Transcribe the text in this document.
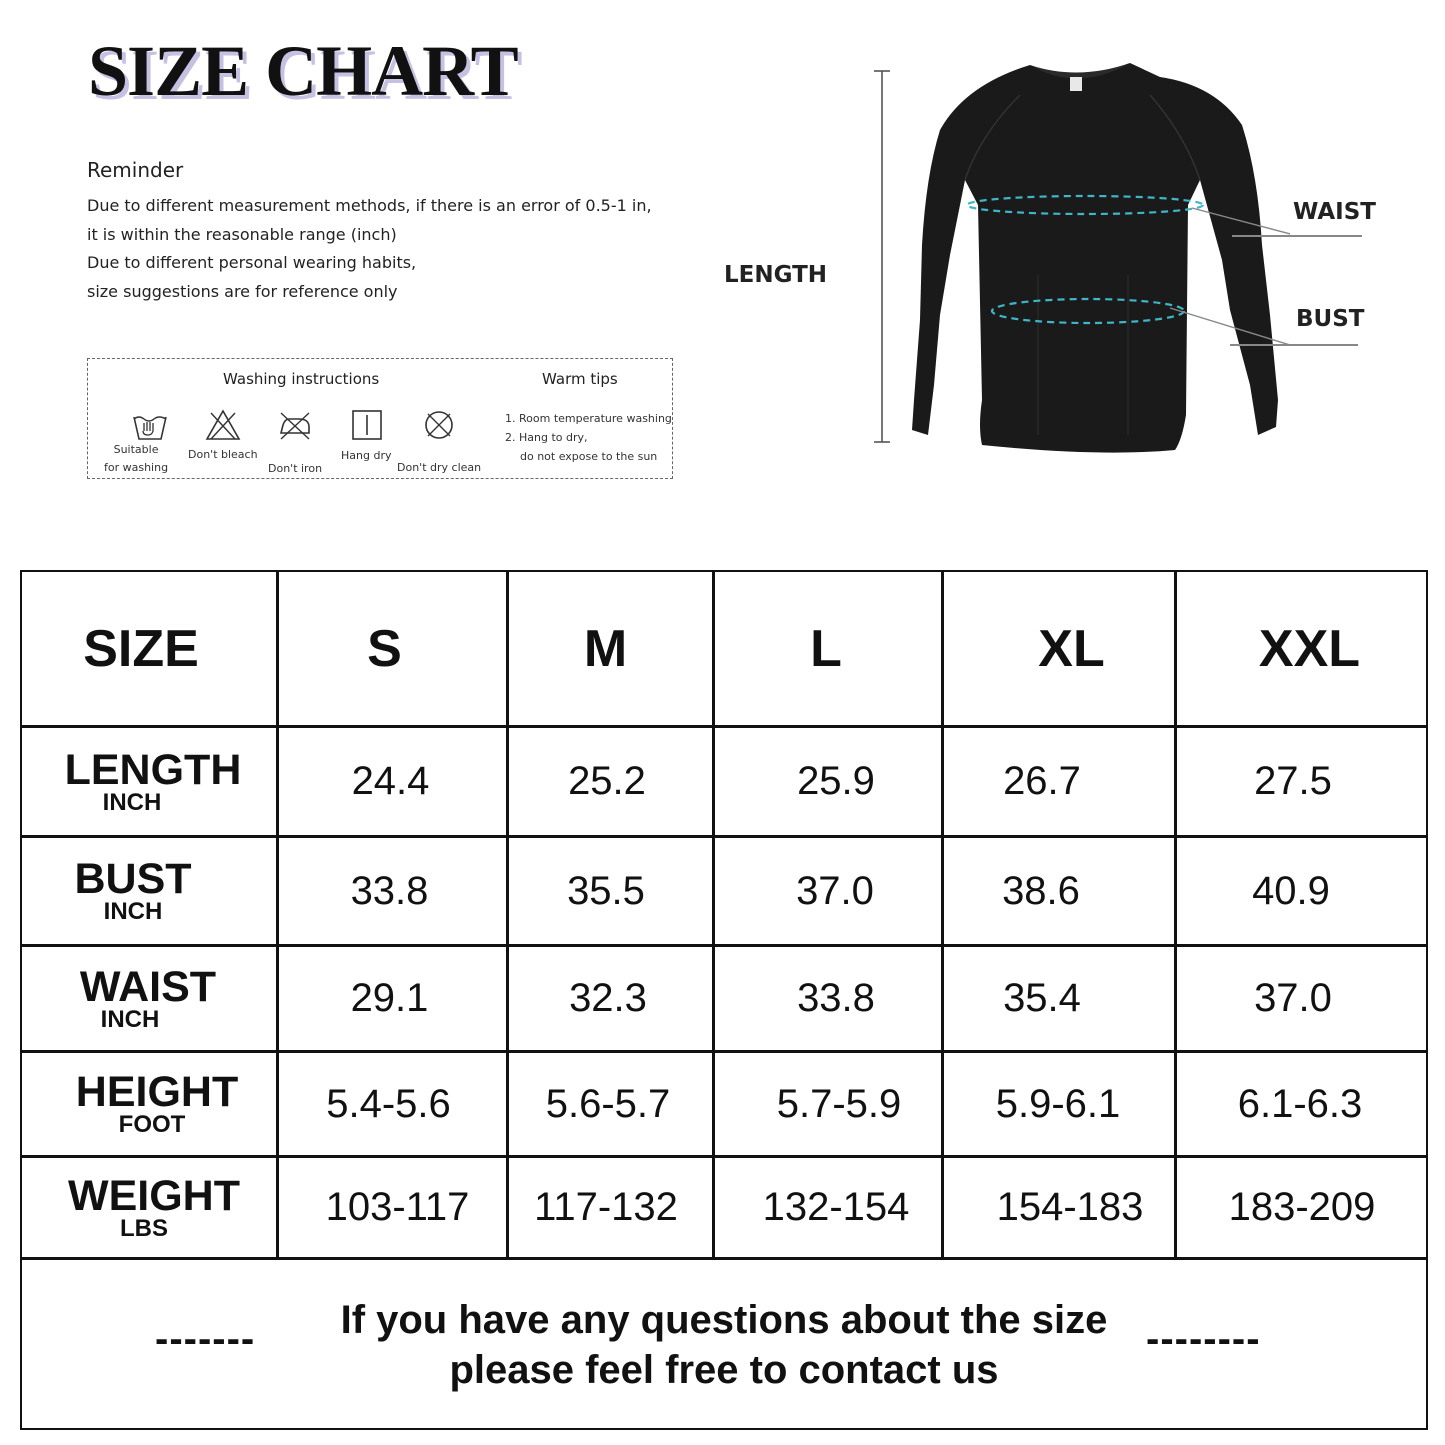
SIZE CHART
Reminder
Due to different measurement methods, if there is an error of 0.5-1 in,
it is within the reasonable range (inch)
Due to different personal wearing habits,
size suggestions are for reference only
Washing instructions	Warm tips
Suitable
for washing
Don't bleach
Don't iron
Hang dry
Don't dry clean
1. Room temperature washing
2. Hang to dry,
do not expose to the sun
LENGTH
WAIST
BUST
SIZE	S	M	L	XL	XXL
LENGTH
INCH	24.4	25.2	25.9	26.7	27.5
BUST
INCH	33.8	35.5	37.0	38.6	40.9
WAIST
INCH	29.1	32.3	33.8	35.4	37.0
HEIGHT
FOOT	5.4-5.6	5.6-5.7	5.7-5.9	5.9-6.1	6.1-6.3
WEIGHT
LBS	103-117	117-132	132-154	154-183	183-209
If you have any questions about the size
please feel free to contact us
-------	--------
